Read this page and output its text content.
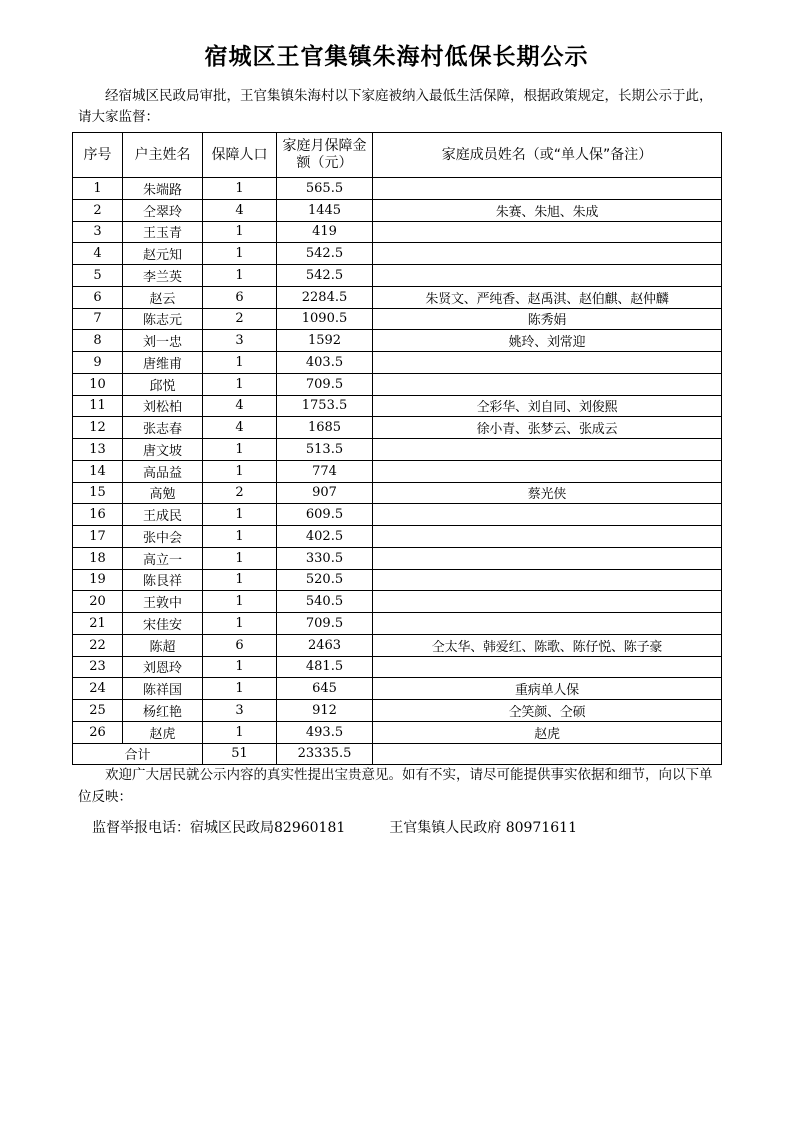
宿城区王官集镇朱海村低保长期公示
经宿城区民政局审批，王官集镇朱海村以下家庭被纳入最低生活保障，根据政策规定，长期公示于此，请大家监督：
序号	户主姓名	保障人口	家庭月保障金额（元）	家庭成员姓名（或“单人保”备注）
1	朱端路	1	565.5	
2	仝翠玲	4	1445	朱赛、朱旭、朱成
3	王玉青	1	419	
4	赵元知	1	542.5	
5	李兰英	1	542.5	
6	赵云	6	2284.5	朱贤文、严纯香、赵禹淇、赵伯麒、赵仲麟
7	陈志元	2	1090.5	陈秀娟
8	刘一忠	3	1592	姚玲、刘常迎
9	唐维甫	1	403.5	
10	邱悦	1	709.5	
11	刘松柏	4	1753.5	仝彩华、刘自同、刘俊熙
12	张志春	4	1685	徐小青、张梦云、张成云
13	唐文坡	1	513.5	
14	高品益	1	774	
15	高勉	2	907	蔡光侠
16	王成民	1	609.5	
17	张中会	1	402.5	
18	高立一	1	330.5	
19	陈艮祥	1	520.5	
20	王敦中	1	540.5	
21	宋佳安	1	709.5	
22	陈超	6	2463	仝太华、韩爱红、陈歌、陈仔悦、陈子豪
23	刘恩玲	1	481.5	
24	陈祥国	1	645	重病单人保
25	杨红艳	3	912	仝笑颜、仝硕
26	赵虎	1	493.5	赵虎
合计		51	23335.5	
欢迎广大居民就公示内容的真实性提出宝贵意见。如有不实，请尽可能提供事实依据和细节，向以下单位反映：
监督举报电话：宿城区民政局82960181	王官集镇人民政府 80971611
